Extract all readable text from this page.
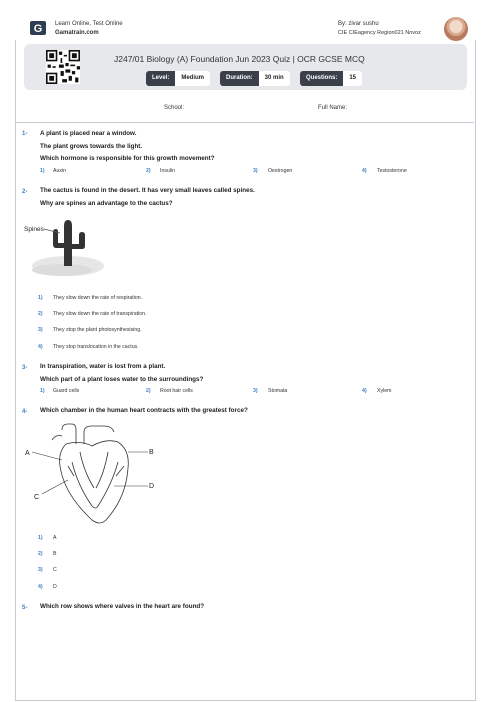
G Learn Online, Test Online
Gamatrain.com
By: zivar sushu
CIE CIEagency Region021 Nnvoz
J247/01 Biology (A) Foundation Jun 2023 Quiz | OCR GCSE MCQ
Level:	Medium	Duration:	30 min	Questions:	15
School:	Full Name:
1- A plant is placed near a window.
The plant grows towards the light.
Which hormone is responsible for this growth movement?
1) Auxin	2) Insulin	3) Oestrogen	4) Testosterone
2- The cactus is found in the desert. It has very small leaves called spines.
Why are spines an advantage to the cactus?
Spines
1) They slow down the rate of respiration.
2) They slow down the rate of transpiration.
3) They stop the plant photosynthesising.
4) They stop translocation in the cactus.
3- In transpiration, water is lost from a plant.
Which part of a plant loses water to the surroundings?
1) Guard cells	2) Root hair cells	3) Stomata	4) Xylem
4- Which chamber in the human heart contracts with the greatest force?
A	B
C
D
1) A
2) B
3) C
4) D
5- Which row shows where valves in the heart are found?
